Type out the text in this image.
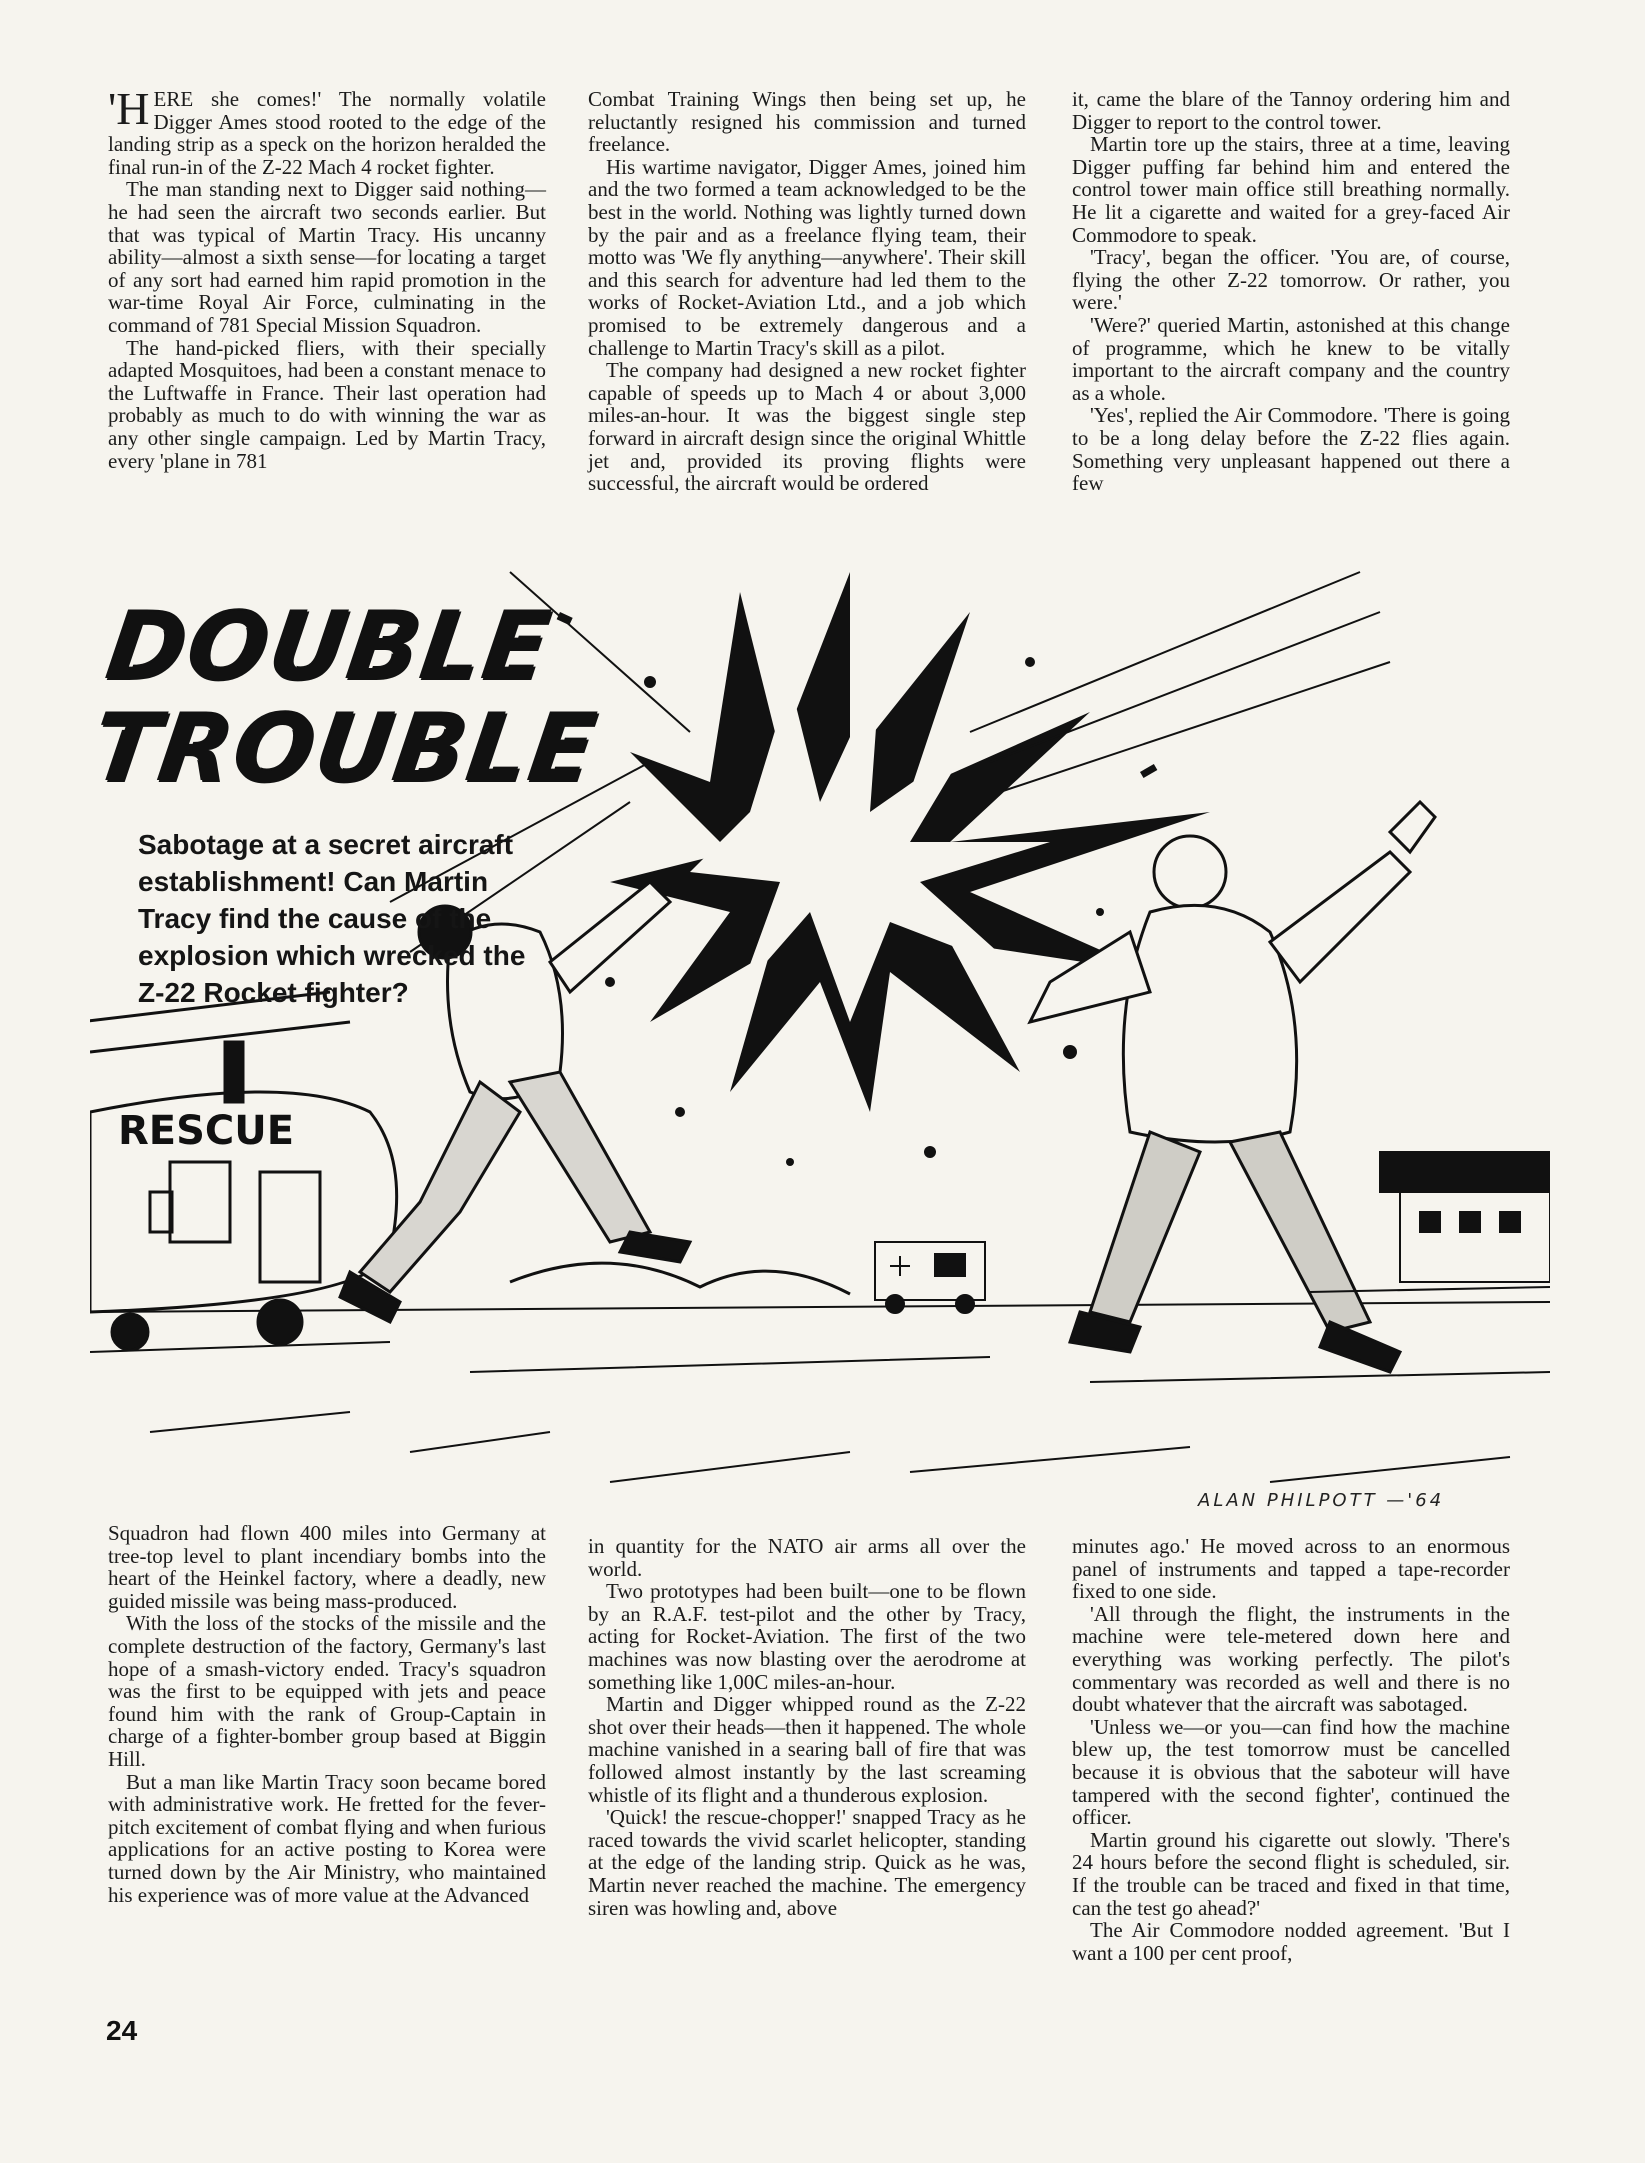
'HERE she comes!' The normally volatile Digger Ames stood rooted to the edge of the landing strip as a speck on the horizon heralded the final run-in of the Z-22 Mach 4 rocket fighter.

The man standing next to Digger said nothing—he had seen the aircraft two seconds earlier. But that was typical of Martin Tracy. His uncanny ability—almost a sixth sense—for locating a target of any sort had earned him rapid promotion in the war-time Royal Air Force, culminating in the command of 781 Special Mission Squadron.

The hand-picked fliers, with their specially adapted Mosquitoes, had been a constant menace to the Luftwaffe in France. Their last operation had probably as much to do with winning the war as any other single campaign. Led by Martin Tracy, every 'plane in 781

Combat Training Wings then being set up, he reluctantly resigned his commission and turned freelance.

His wartime navigator, Digger Ames, joined him and the two formed a team acknowledged to be the best in the world. Nothing was lightly turned down by the pair and as a freelance flying team, their motto was 'We fly anything—anywhere'. Their skill and this search for adventure had led them to the works of Rocket-Aviation Ltd., and a job which promised to be extremely dangerous and a challenge to Martin Tracy's skill as a pilot.

The company had designed a new rocket fighter capable of speeds up to Mach 4 or about 3,000 miles-an-hour. It was the biggest single step forward in aircraft design since the original Whittle jet and, provided its proving flights were successful, the aircraft would be ordered

it, came the blare of the Tannoy ordering him and Digger to report to the control tower.

Martin tore up the stairs, three at a time, leaving Digger puffing far behind him and entered the control tower main office still breathing normally. He lit a cigarette and waited for a grey-faced Air Commodore to speak.

'Tracy', began the officer. 'You are, of course, flying the other Z-22 tomorrow. Or rather, you were.'

'Were?' queried Martin, astonished at this change of programme, which he knew to be vitally important to the aircraft company and the country as a whole.

'Yes', replied the Air Commodore. 'There is going to be a long delay before the Z-22 flies again. Something very unpleasant happened out there a few

RESCUE
DOUBLE
TROUBLE
Sabotage at a secret aircraft establishment! Can Martin Tracy find the cause of the explosion which wrecked the Z-22 Rocket fighter?
ALAN PHILPOTT —'64

Squadron had flown 400 miles into Germany at tree-top level to plant incendiary bombs into the heart of the Heinkel factory, where a deadly, new guided missile was being mass-produced.

With the loss of the stocks of the missile and the complete destruction of the factory, Germany's last hope of a smash-victory ended. Tracy's squadron was the first to be equipped with jets and peace found him with the rank of Group-Captain in charge of a fighter-bomber group based at Biggin Hill.

But a man like Martin Tracy soon became bored with administrative work. He fretted for the fever-pitch excitement of combat flying and when furious applications for an active posting to Korea were turned down by the Air Ministry, who maintained his experience was of more value at the Advanced

in quantity for the NATO air arms all over the world.

Two prototypes had been built—one to be flown by an R.A.F. test-pilot and the other by Tracy, acting for Rocket-Aviation. The first of the two machines was now blasting over the aerodrome at something like 1,00C miles-an-hour.

Martin and Digger whipped round as the Z-22 shot over their heads—then it happened. The whole machine vanished in a searing ball of fire that was followed almost instantly by the last screaming whistle of its flight and a thunderous explosion.

'Quick! the rescue-chopper!' snapped Tracy as he raced towards the vivid scarlet helicopter, standing at the edge of the landing strip. Quick as he was, Martin never reached the machine. The emergency siren was howling and, above

minutes ago.' He moved across to an enormous panel of instruments and tapped a tape-recorder fixed to one side.

'All through the flight, the instruments in the machine were tele-metered down here and everything was working perfectly. The pilot's commentary was recorded as well and there is no doubt whatever that the aircraft was sabotaged.

'Unless we—or you—can find how the machine blew up, the test tomorrow must be cancelled because it is obvious that the saboteur will have tampered with the second fighter', continued the officer.

Martin ground his cigarette out slowly. 'There's 24 hours before the second flight is scheduled, sir. If the trouble can be traced and fixed in that time, can the test go ahead?'

The Air Commodore nodded agreement. 'But I want a 100 per cent proof,

24
